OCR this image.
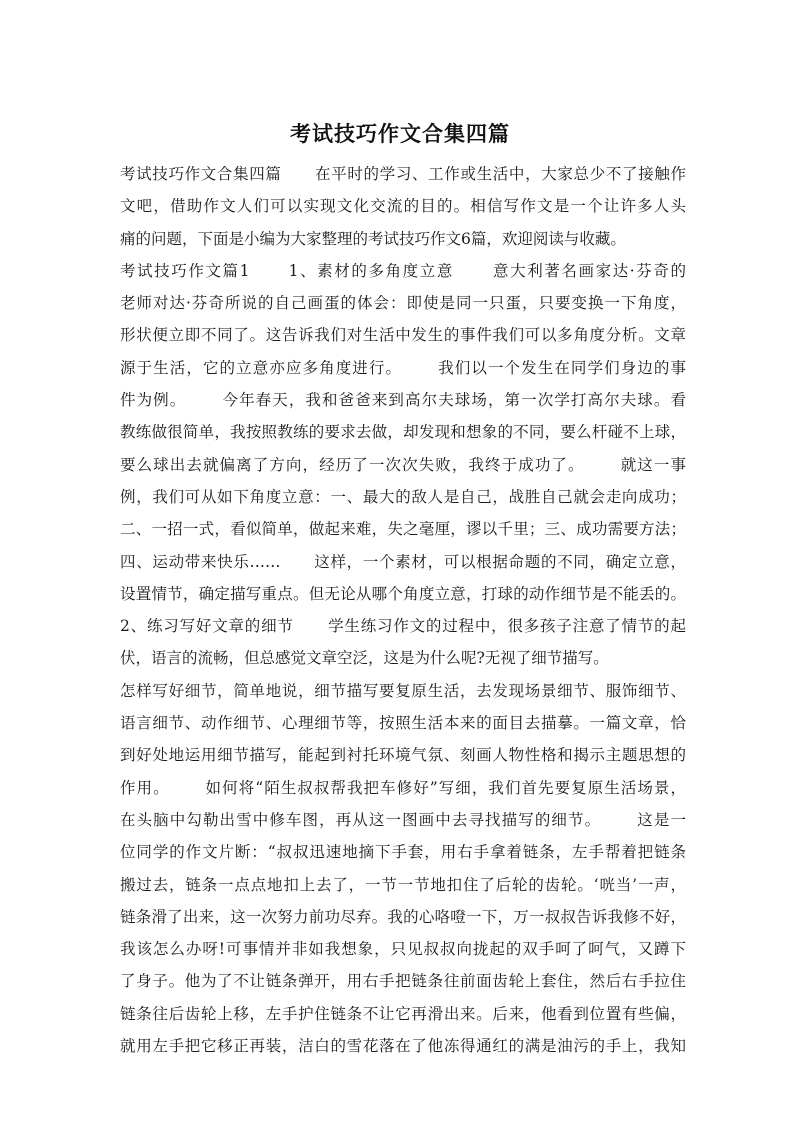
考试技巧作文合集四篇
考试技巧作文合集四篇      在平时的学习、工作或生活中，大家总少不了接触作
文吧，借助作文人们可以实现文化交流的目的。相信写作文是一个让许多人头
痛的问题，下面是小编为大家整理的考试技巧作文6篇，欢迎阅读与收藏。
考试技巧作文篇1      1、素材的多角度立意      意大利著名画家达·芬奇的
老师对达·芬奇所说的自己画蛋的体会：即使是同一只蛋，只要变换一下角度，
形状便立即不同了。这告诉我们对生活中发生的事件我们可以多角度分析。文章
源于生活，它的立意亦应多角度进行。      我们以一个发生在同学们身边的事
件为例。      今年春天，我和爸爸来到高尔夫球场，第一次学打高尔夫球。看
教练做很简单，我按照教练的要求去做，却发现和想象的不同，要么杆碰不上球，
要么球出去就偏离了方向，经历了一次次失败，我终于成功了。      就这一事
例，我们可从如下角度立意：一、最大的敌人是自己，战胜自己就会走向成功；
二、一招一式，看似简单，做起来难，失之毫厘，谬以千里；三、成功需要方法；
四、运动带来快乐……      这样，一个素材，可以根据命题的不同，确定立意，
设置情节，确定描写重点。但无论从哪个角度立意，打球的动作细节是不能丢的。
2、练习写好文章的细节      学生练习作文的过程中，很多孩子注意了情节的起
伏，语言的流畅，但总感觉文章空泛，这是为什么呢?无视了细节描写。
怎样写好细节，简单地说，细节描写要复原生活，去发现场景细节、服饰细节、
语言细节、动作细节、心理细节等，按照生活本来的面目去描摹。一篇文章，恰
到好处地运用细节描写，能起到衬托环境气氛、刻画人物性格和揭示主题思想的
作用。      如何将“陌生叔叔帮我把车修好”写细，我们首先要复原生活场景，
在头脑中勾勒出雪中修车图，再从这一图画中去寻找描写的细节。      这是一
位同学的作文片断：“叔叔迅速地摘下手套，用右手拿着链条，左手帮着把链条
搬过去，链条一点点地扣上去了，一节一节地扣住了后轮的齿轮。‘咣当’一声，
链条滑了出来，这一次努力前功尽弃。我的心咯噔一下，万一叔叔告诉我修不好，
我该怎么办呀!可事情并非如我想象，只见叔叔向拢起的双手呵了呵气，又蹲下
了身子。他为了不让链条弹开，用右手把链条往前面齿轮上套住，然后右手拉住
链条往后齿轮上移，左手护住链条不让它再滑出来。后来，他看到位置有些偏，
就用左手把它移正再装，洁白的雪花落在了他冻得通红的满是油污的手上，我知
